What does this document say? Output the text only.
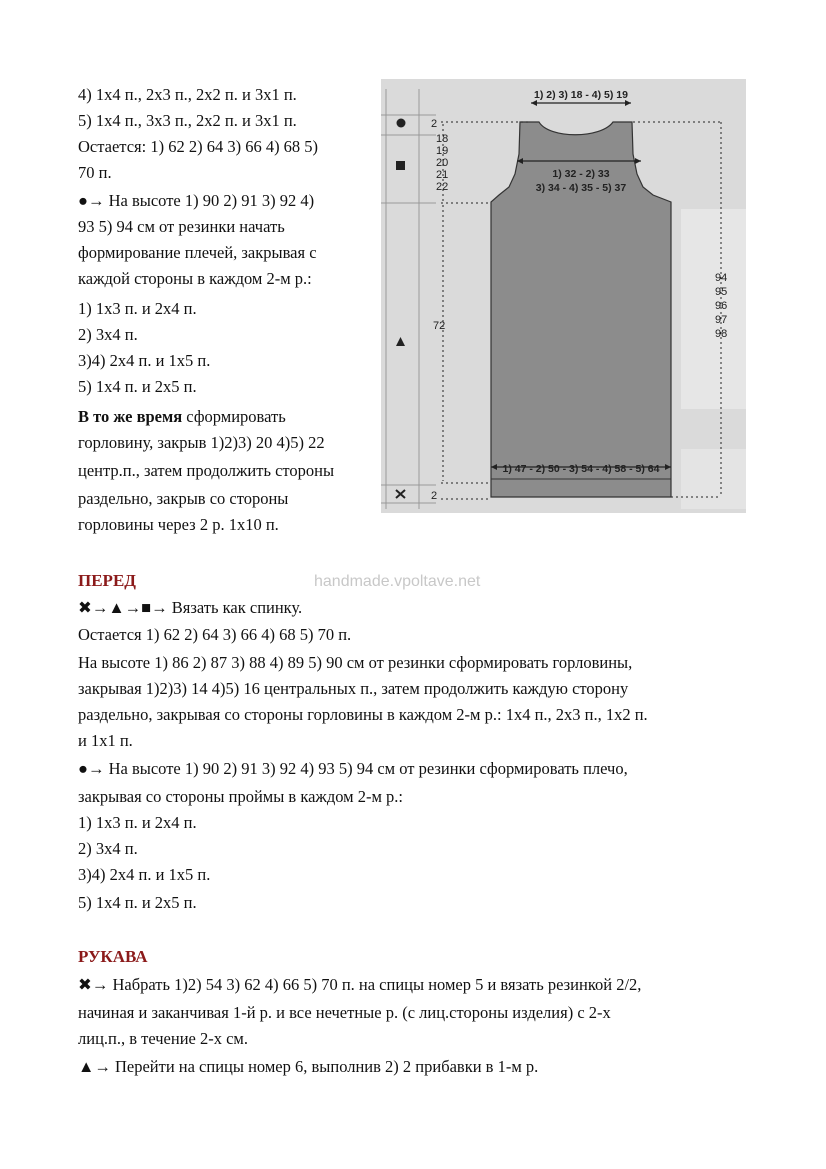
4) 1х4 п., 2х3 п., 2х2 п. и 3х1 п.
5) 1х4 п., 3х3 п., 2х2 п. и 3х1 п.
Остается: 1) 62 2) 64 3) 66 4) 68 5)
70 п.
●→ На высоте 1) 90 2) 91 3) 92 4)
93 5) 94 см от резинки начать
формирование плечей, закрывая с
каждой стороны в каждом 2-м р.:
1) 1х3 п. и 2х4 п.
2) 3х4 п.
3)4) 2х4 п. и 1х5 п.
5) 1х4 п. и 2х5 п.
В то же время сформировать
горловину, закрыв 1)2)3) 20 4)5) 22
центр.п., затем продолжить стороны
раздельно, закрыв со стороны
горловины через 2 р. 1х10 п.
1) 2) 3) 18 - 4) 5) 19
2
18
19
20
21
22
1) 32 - 2) 33
3) 34 - 4) 35 - 5) 37
72
94
95
96
97
98
1) 47 - 2) 50 - 3) 54 - 4) 58 - 5) 64
2
handmade.vpoltave.net
ПЕРЕД
✖→▲→■→ Вязать как спинку.
Остается 1) 62 2) 64 3) 66 4) 68 5) 70 п.
На высоте 1) 86 2) 87 3) 88 4) 89 5) 90 см от резинки сформировать горловины,
закрывая 1)2)3) 14 4)5) 16 центральных п., затем продолжить каждую сторону
раздельно, закрывая со стороны горловины в каждом 2-м р.: 1х4 п., 2х3 п., 1х2 п.
и 1х1 п.
●→ На высоте 1) 90 2) 91 3) 92 4) 93 5) 94 см от резинки сформировать плечо,
закрывая со стороны проймы в каждом 2-м р.:
1) 1х3 п. и 2х4 п.
2) 3х4 п.
3)4) 2х4 п. и 1х5 п.
5) 1х4 п. и 2х5 п.
РУКАВА
✖→ Набрать 1)2) 54 3) 62 4) 66 5) 70 п. на спицы номер 5 и вязать резинкой 2/2,
начиная и заканчивая 1-й р. и все нечетные р. (с лиц.стороны изделия) с 2-х
лиц.п., в течение 2-х см.
▲→ Перейти на спицы номер 6, выполнив 2) 2 прибавки в 1-м р.
